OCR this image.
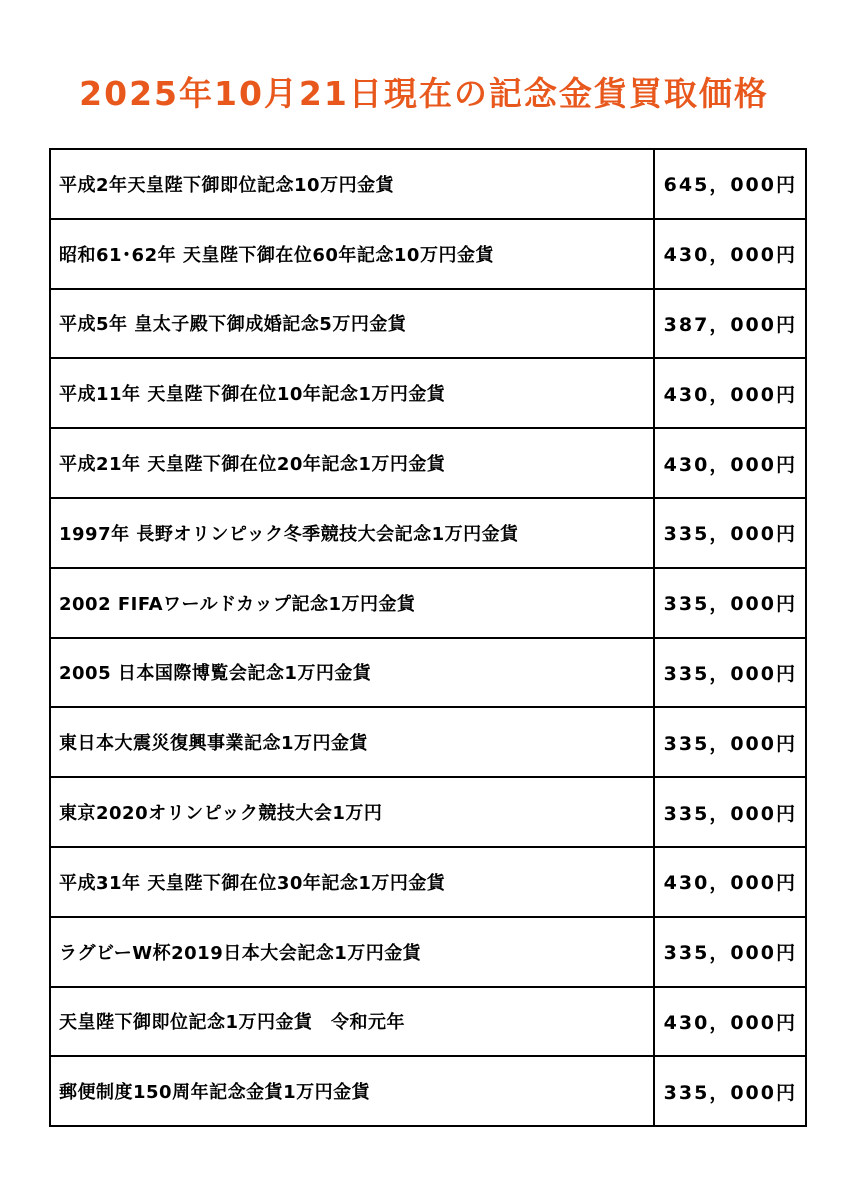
2025年10月21日現在の記念金貨買取価格
平成2年天皇陛下御即位記念10万円金貨	645，000円
昭和61･62年 天皇陛下御在位60年記念10万円金貨	430，000円
平成5年 皇太子殿下御成婚記念5万円金貨	387，000円
平成11年 天皇陛下御在位10年記念1万円金貨	430，000円
平成21年 天皇陛下御在位20年記念1万円金貨	430，000円
1997年 長野オリンピック冬季競技大会記念1万円金貨	335，000円
2002 FIFAワールドカップ記念1万円金貨	335，000円
2005 日本国際博覧会記念1万円金貨	335，000円
東日本大震災復興事業記念1万円金貨	335，000円
東京2020オリンピック競技大会1万円	335，000円
平成31年 天皇陛下御在位30年記念1万円金貨	430，000円
ラグビーW杯2019日本大会記念1万円金貨	335，000円
天皇陛下御即位記念1万円金貨　令和元年	430，000円
郵便制度150周年記念金貨1万円金貨	335，000円
